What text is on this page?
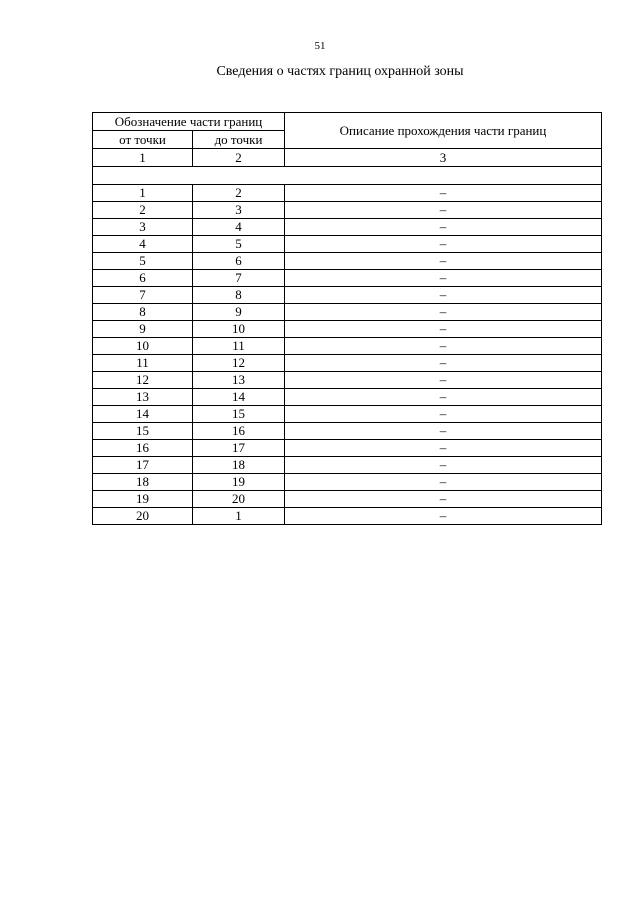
51
Сведения о частях границ охранной зоны
Обозначение части границ		Описание прохождения части границ
от точки	до точки	
1	2	3

1	2	–
2	3	–
3	4	–
4	5	–
5	6	–
6	7	–
7	8	–
8	9	–
9	10	–
10	11	–
11	12	–
12	13	–
13	14	–
14	15	–
15	16	–
16	17	–
17	18	–
18	19	–
19	20	–
20	1	–
